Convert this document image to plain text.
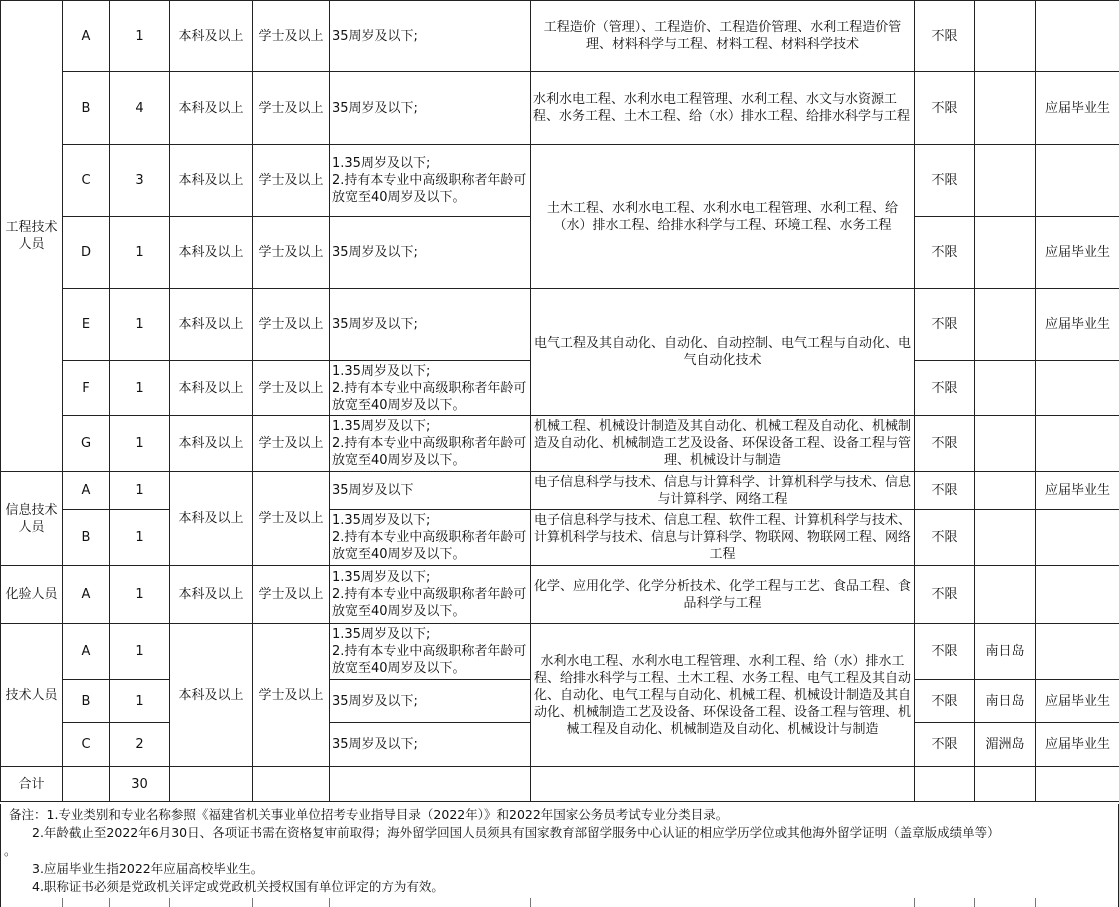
工程技术人员	A	1	本科及以上	学士及以上	35周岁及以下;	工程造价（管理）、工程造价、工程造价管理、水利工程造价管理、材料科学与工程、材料工程、材料科学技术	不限		
	B	4	本科及以上	学士及以上	35周岁及以下;	水利水电工程、水利水电工程管理、水利工程、水文与水资源工程、水务工程、土木工程、给（水）排水工程、给排水科学与工程	不限		应届毕业生
	C	3	本科及以上	学士及以上	1.35周岁及以下;
2.持有本专业中高级职称者年龄可放宽至40周岁及以下。	土木工程、水利水电工程、水利水电工程管理、水利工程、给（水）排水工程、给排水科学与工程、环境工程、水务工程	不限		
	D	1	本科及以上	学士及以上	35周岁及以下;		不限		应届毕业生
	E	1	本科及以上	学士及以上	35周岁及以下;	电气工程及其自动化、自动化、自动控制、电气工程与自动化、电气自动化技术	不限		应届毕业生
	F	1	本科及以上	学士及以上	1.35周岁及以下;
2.持有本专业中高级职称者年龄可放宽至40周岁及以下。		不限		
	G	1	本科及以上	学士及以上	1.35周岁及以下;
2.持有本专业中高级职称者年龄可放宽至40周岁及以下。	机械工程、机械设计制造及其自动化、机械工程及自动化、机械制造及自动化、机械制造工艺及设备、环保设备工程、设备工程与管理、机械设计与制造	不限		
信息技术人员	A	1	本科及以上	学士及以上	35周岁及以下	电子信息科学与技术、信息与计算科学、计算机科学与技术、信息与计算科学、网络工程	不限		应届毕业生
	B	1			1.35周岁及以下;
2.持有本专业中高级职称者年龄可放宽至40周岁及以下。	电子信息科学与技术、信息工程、软件工程、计算机科学与技术、计算机科学与技术、信息与计算科学、物联网、物联网工程、网络工程	不限		
化验人员	A	1	本科及以上	学士及以上	1.35周岁及以下;
2.持有本专业中高级职称者年龄可放宽至40周岁及以下。	化学、应用化学、化学分析技术、化学工程与工艺、食品工程、食品科学与工程	不限		
技术人员	A	1	本科及以上	学士及以上	1.35周岁及以下;
2.持有本专业中高级职称者年龄可放宽至40周岁及以下。	水利水电工程、水利水电工程管理、水利工程、给（水）排水工程、给排水科学与工程、土木工程、水务工程、电气工程及其自动化、自动化、电气工程与自动化、机械工程、机械设计制造及其自动化、机械制造工艺及设备、环保设备工程、设备工程与管理、机械工程及自动化、机械制造及自动化、机械设计与制造	不限	南日岛	
	B	1			35周岁及以下;		不限	南日岛	应届毕业生
	C	2			35周岁及以下;		不限	湄洲岛	应届毕业生
合计		30							
备注：1.专业类别和专业名称参照《福建省机关事业单位招考专业指导目录（2022年）》和2022年国家公务员考试专业分类目录。
2.年龄截止至2022年6月30日、各项证书需在资格复审前取得；海外留学回国人员须具有国家教育部留学服务中心认证的相应学历学位或其他海外留学证明（盖章版成绩单等）
。
3.应届毕业生指2022年应届高校毕业生。
4.职称证书必须是党政机关评定或党政机关授权国有单位评定的方为有效。
